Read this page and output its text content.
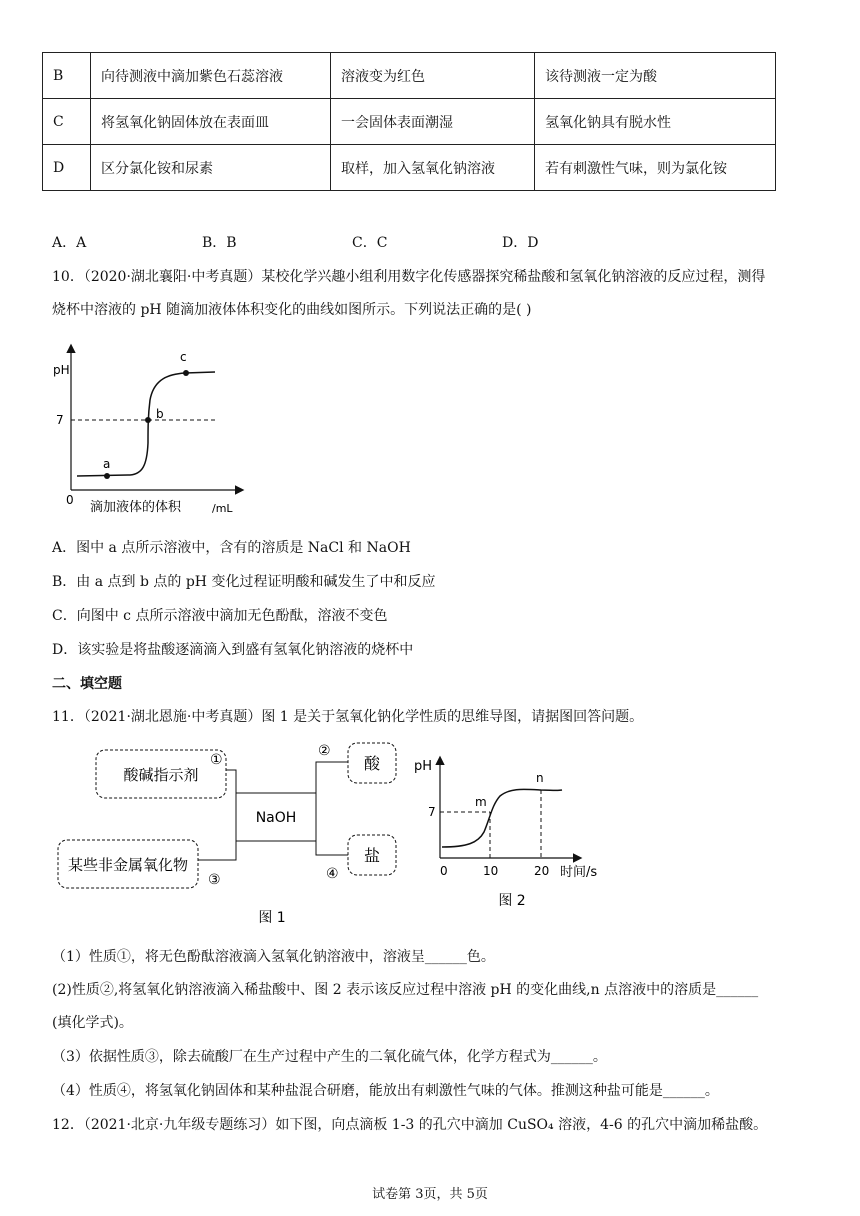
B	向待测液中滴加紫色石蕊溶液	溶液变为红色	该待测液一定为酸
C	将氢氧化钠固体放在表面皿	一会固体表面潮湿	氢氧化钠具有脱水性
D	区分氯化铵和尿素	取样，加入氢氧化钠溶液	若有刺激性气味，则为氯化铵
A．A	B．B	C．C	D．D
10．（2020·湖北襄阳·中考真题）某校化学兴趣小组利用数字化传感器探究稀盐酸和氢氧化钠溶液的反应过程，测得
烧杯中溶液的 pH 随滴加液体体积变化的曲线如图所示。下列说法正确的是( )
a
b
c
pH
7
0 滴加液体的体积	/mL
A．图中 a 点所示溶液中，含有的溶质是 NaCl 和 NaOH
B．由 a 点到 b 点的 pH 变化过程证明酸和碱发生了中和反应
C．向图中 c 点所示溶液中滴加无色酚酞，溶液不变色
D．该实验是将盐酸逐滴滴入到盛有氢氧化钠溶液的烧杯中
二、填空题
11．（2021·湖北恩施·中考真题）图 1 是关于氢氧化钠化学性质的思维导图，请据图回答问题。
酸碱指示剂
某些非金属氧化物
NaOH
酸
盐
①
②
③	④
图 1
pH
7
m
n
0	10	20 时间/s
图 2
（1）性质①，将无色酚酞溶液滴入氢氧化钠溶液中，溶液呈______色。
(2)性质②,将氢氧化钠溶液滴入稀盐酸中、图 2 表示该反应过程中溶液 pH 的变化曲线,n 点溶液中的溶质是______
(填化学式)。
（3）依据性质③，除去硫酸厂在生产过程中产生的二氧化硫气体，化学方程式为______。
（4）性质④，将氢氧化钠固体和某种盐混合研磨，能放出有刺激性气味的气体。推测这种盐可能是______。
12．（2021·北京·九年级专题练习）如下图，向点滴板 1-3 的孔穴中滴加 CuSO₄ 溶液，4-6 的孔穴中滴加稀盐酸。
试卷第 3页，共 5页
